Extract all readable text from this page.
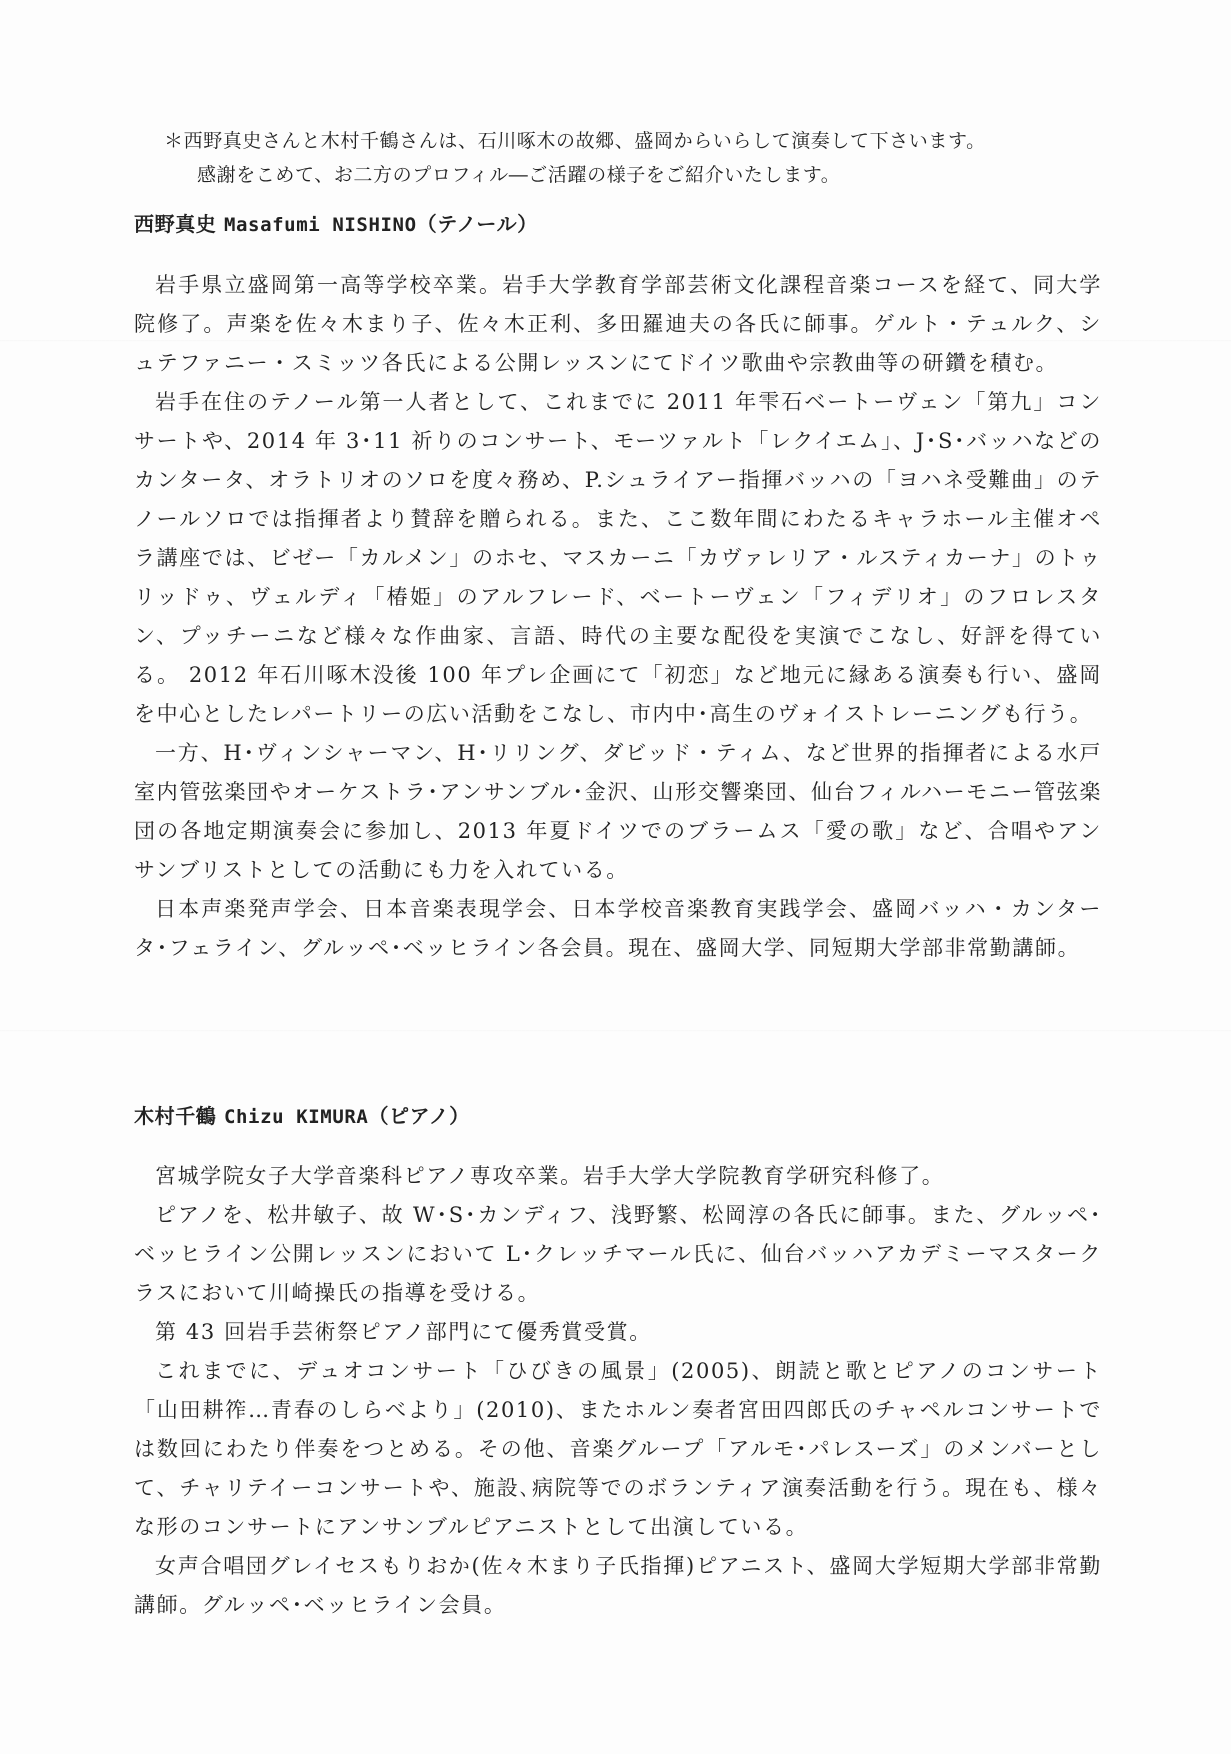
＊西野真史さんと木村千鶴さんは、石川啄木の故郷、盛岡からいらして演奏して下さいます。
感謝をこめて、お二方のプロフィル―ご活躍の様子をご紹介いたします。
西野真史 Masafumi NISHINO（テノール）

岩手県立盛岡第一高等学校卒業。岩手大学教育学部芸術文化課程音楽コースを経て、同大学院修了。声楽を佐々木まり子、佐々木正利、多田羅迪夫の各氏に師事。ゲルト・テュルク、シュテファニー・スミッツ各氏による公開レッスンにてドイツ歌曲や宗教曲等の研鑽を積む。

岩手在住のテノール第一人者として、これまでに 2011 年雫石ベートーヴェン「第九」コンサートや、2014 年 3･11 祈りのコンサート、モーツァルト「レクイエム」、J･S･バッハなどのカンタータ、オラトリオのソロを度々務め、P.シュライアー指揮バッハの「ヨハネ受難曲」のテノールソロでは指揮者より賛辞を贈られる。また、ここ数年間にわたるキャラホール主催オペラ講座では、ビゼー「カルメン」のホセ、マスカーニ「カヴァレリア・ルスティカーナ」のトゥリッドゥ、ヴェルディ「椿姫」のアルフレード、ベートーヴェン「フィデリオ」のフロレスタン、プッチーニなど様々な作曲家、言語、時代の主要な配役を実演でこなし、好評を得ている。 2012 年石川啄木没後 100 年プレ企画にて「初恋」など地元に縁ある演奏も行い、盛岡を中心としたレパートリーの広い活動をこなし、市内中･高生のヴォイストレーニングも行う。

一方、H･ヴィンシャーマン、H･リリング、ダビッド・ティム、など世界的指揮者による水戸室内管弦楽団やオーケストラ･アンサンブル･金沢、山形交響楽団、仙台フィルハーモニー管弦楽団の各地定期演奏会に参加し、2013 年夏ドイツでのブラームス「愛の歌」など、合唱やアンサンブリストとしての活動にも力を入れている。

日本声楽発声学会、日本音楽表現学会、日本学校音楽教育実践学会、盛岡バッハ・カンタータ･フェライン、グルッペ･ベッヒライン各会員。現在、盛岡大学、同短期大学部非常勤講師。

木村千鶴 Chizu KIMURA（ピアノ）

宮城学院女子大学音楽科ピアノ専攻卒業。岩手大学大学院教育学研究科修了。

ピアノを、松井敏子、故 W･S･カンディフ、浅野繁、松岡淳の各氏に師事。また、グルッペ･ベッヒライン公開レッスンにおいて L･クレッチマール氏に、仙台バッハアカデミーマスタークラスにおいて川崎操氏の指導を受ける。

第 43 回岩手芸術祭ピアノ部門にて優秀賞受賞。

これまでに、デュオコンサート「ひびきの風景」(2005)、朗読と歌とピアノのコンサート「山田耕筰…青春のしらべより」(2010)、またホルン奏者宮田四郎氏のチャペルコンサートでは数回にわたり伴奏をつとめる。その他、音楽グループ「アルモ･パレスーズ」のメンバーとして、チャリテイーコンサートや、施設､病院等でのボランティア演奏活動を行う。現在も、様々な形のコンサートにアンサンブルピアニストとして出演している。

女声合唱団グレイセスもりおか(佐々木まり子氏指揮)ピアニスト、盛岡大学短期大学部非常勤講師。グルッペ･ベッヒライン会員。
